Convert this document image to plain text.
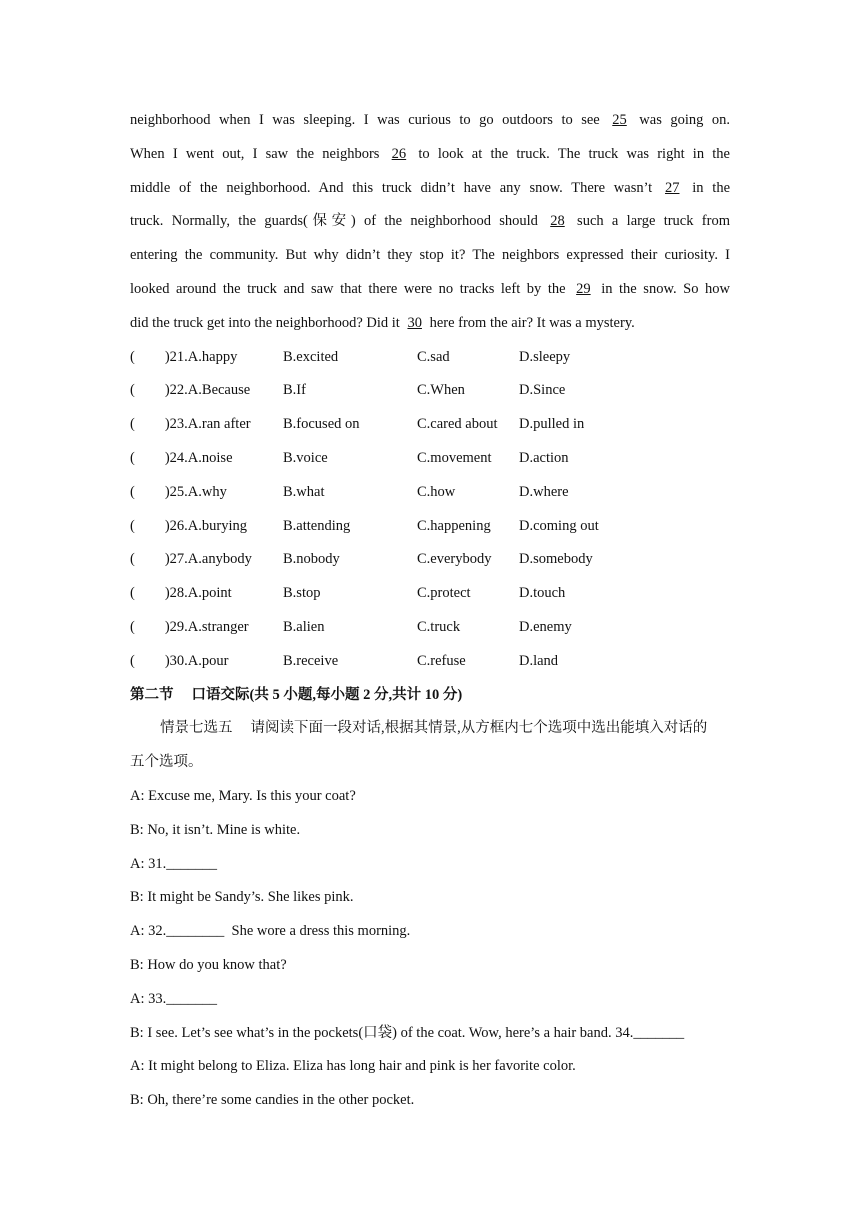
neighborhood when I was sleeping. I was curious to go outdoors to see 25 was going on.
When I went out, I saw the neighbors 26 to look at the truck. The truck was right in the
middle of the neighborhood. And this truck didn’t have any snow. There wasn’t 27 in the
truck. Normally, the guards(保安) of the neighborhood should 28 such a large truck from
entering the community. But why didn’t they stop it? The neighbors expressed their curiosity. I
looked around the truck and saw that there were no tracks left by the 29 in the snow. So how
did the truck get into the neighborhood? Did it 30 here from the air? It was a mystery.
( )21.A.happy	B.excited	C.sad	D.sleepy
( )22.A.Because	B.If	C.When	D.Since
( )23.A.ran after	B.focused on	C.cared about	D.pulled in
( )24.A.noise	B.voice	C.movement	D.action
( )25.A.why	B.what	C.how	D.where
( )26.A.burying	B.attending	C.happening	D.coming out
( )27.A.anybody	B.nobody	C.everybody	D.somebody
( )28.A.point	B.stop	C.protect	D.touch
( )29.A.stranger	B.alien	C.truck	D.enemy
( )30.A.pour	B.receive	C.refuse	D.land
第二节 口语交际(共 5 小题,每小题 2 分,共计 10 分)
情景七选五 请阅读下面一段对话,根据其情景,从方框内七个选项中选出能填入对话的
五个选项。
A: Excuse me, Mary. Is this your coat?
B: No, it isn’t. Mine is white.
A: 31._______
B: It might be Sandy’s. She likes pink.
A: 32.________  She wore a dress this morning.
B: How do you know that?
A: 33._______
B: I see. Let’s see what’s in the pockets(口袋) of the coat. Wow, here’s a hair band. 34._______
A: It might belong to Eliza. Eliza has long hair and pink is her favorite color.
B: Oh, there’re some candies in the other pocket.
